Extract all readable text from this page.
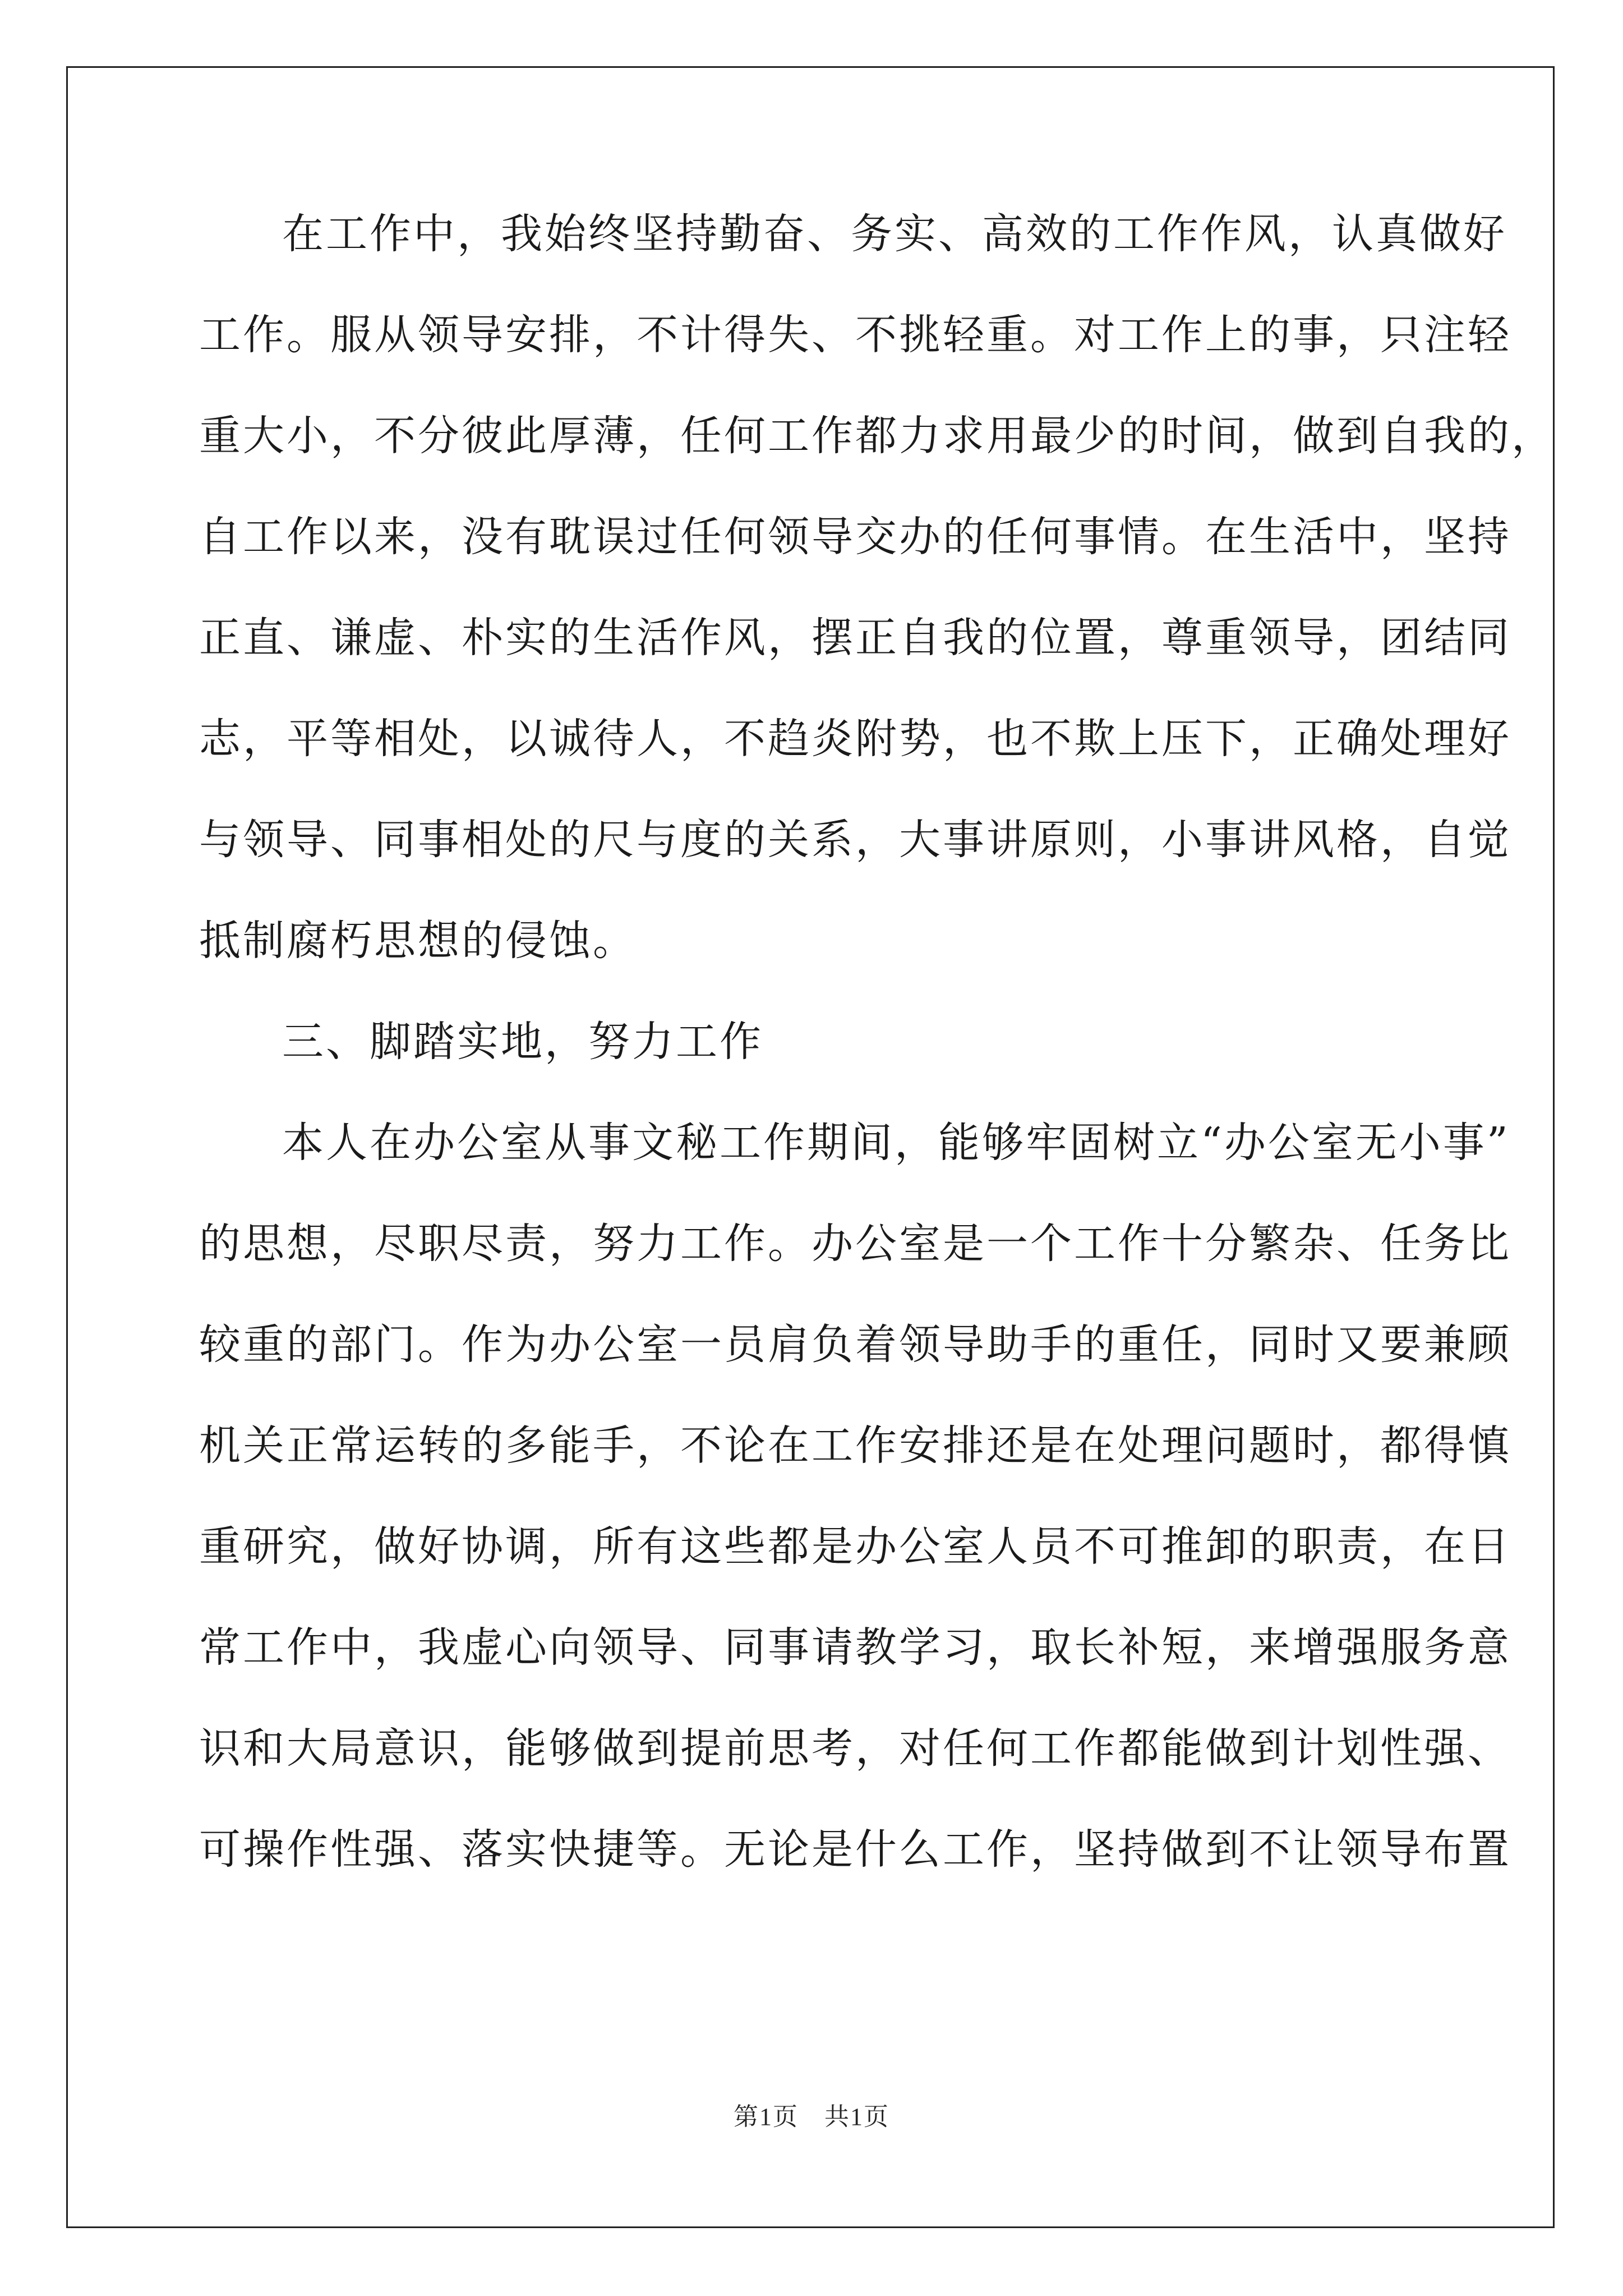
在工作中，我始终坚持勤奋、务实、高效的工作作风，认真做好
工作。服从领导安排，不计得失、不挑轻重。对工作上的事，只注轻
重大小，不分彼此厚薄，任何工作都力求用最少的时间，做到自我的，
自工作以来，没有耽误过任何领导交办的任何事情。在生活中，坚持
正直、谦虚、朴实的生活作风，摆正自我的位置，尊重领导，团结同
志，平等相处，以诚待人，不趋炎附势，也不欺上压下，正确处理好
与领导、同事相处的尺与度的关系，大事讲原则，小事讲风格，自觉
抵制腐朽思想的侵蚀。
三、脚踏实地，努力工作
本人在办公室从事文秘工作期间，能够牢固树立“办公室无小事”
的思想，尽职尽责，努力工作。办公室是一个工作十分繁杂、任务比
较重的部门。作为办公室一员肩负着领导助手的重任，同时又要兼顾
机关正常运转的多能手，不论在工作安排还是在处理问题时，都得慎
重研究，做好协调，所有这些都是办公室人员不可推卸的职责，在日
常工作中，我虚心向领导、同事请教学习，取长补短，来增强服务意
识和大局意识，能够做到提前思考，对任何工作都能做到计划性强、
可操作性强、落实快捷等。无论是什么工作，坚持做到不让领导布置
第1页　共1页
